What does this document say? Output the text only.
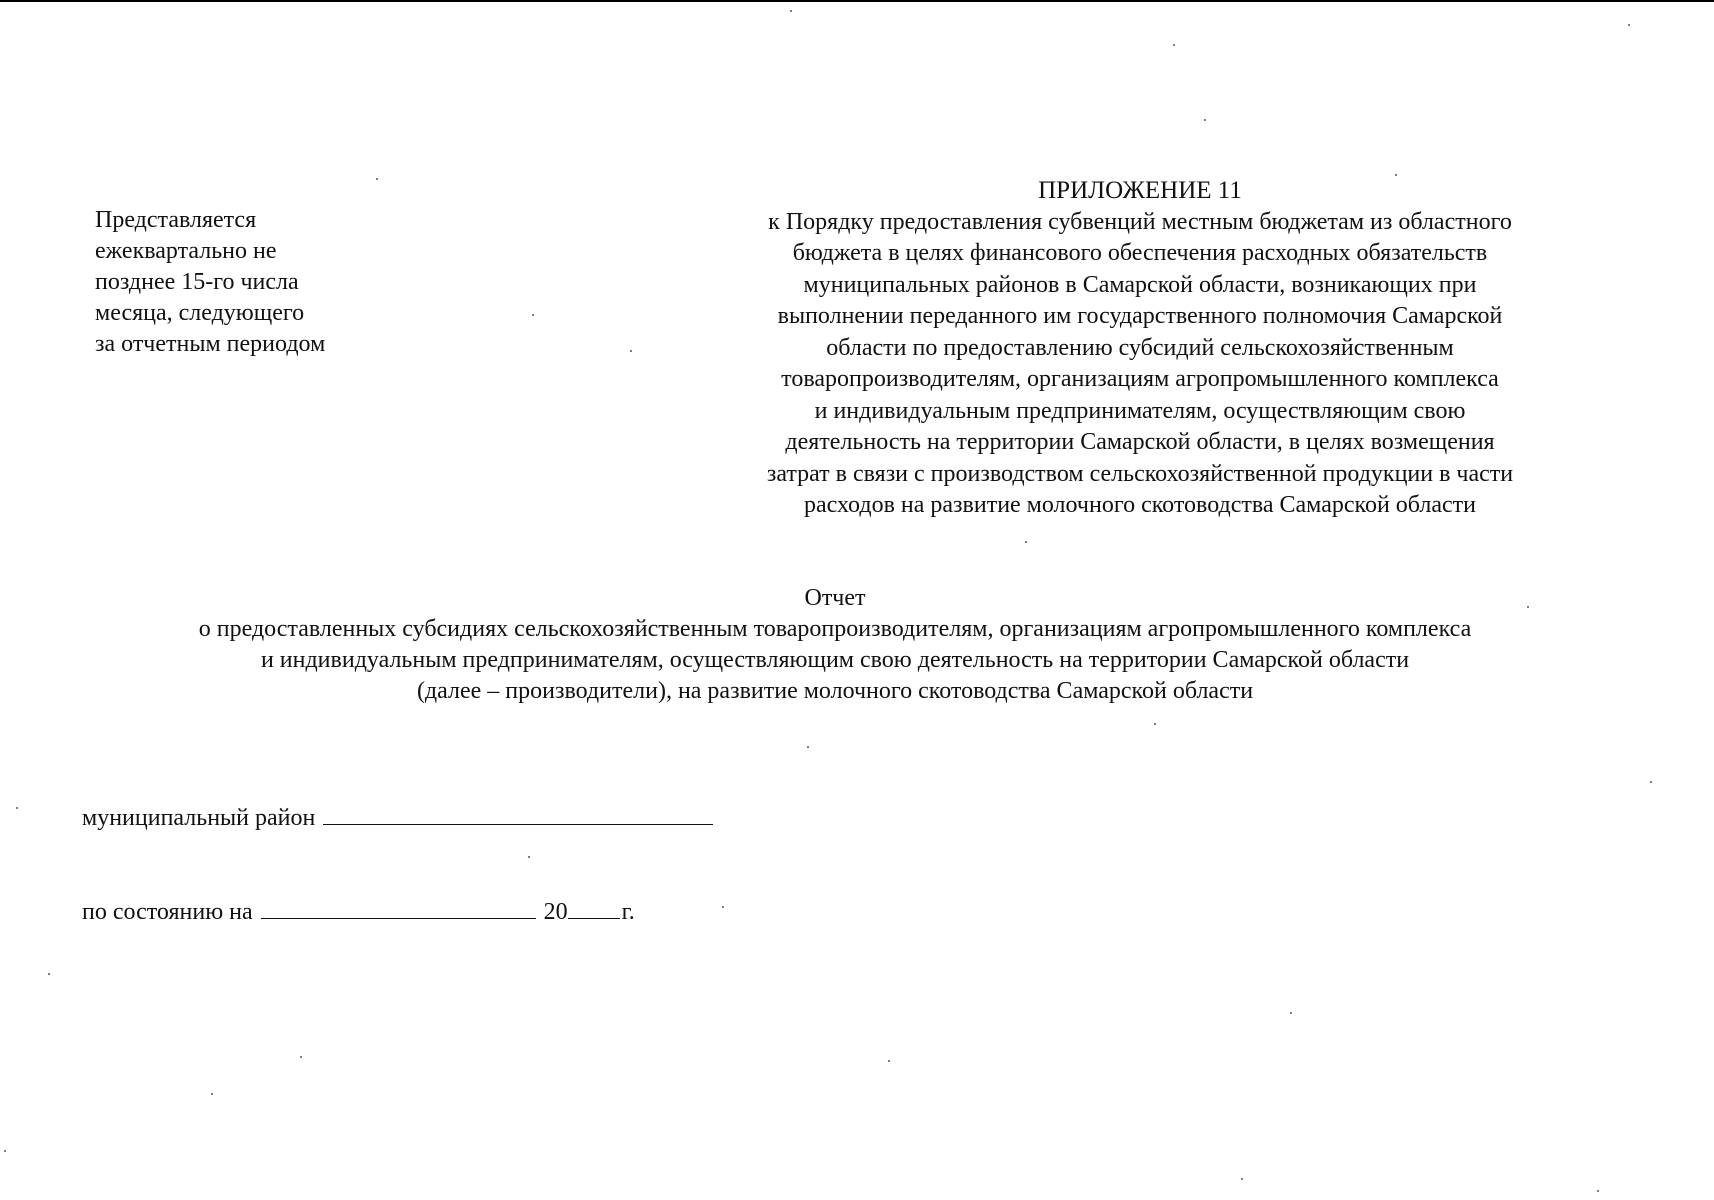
Представляется
ежеквартально не
позднее 15-го числа
месяца, следующего
за отчетным периодом
ПРИЛОЖЕНИЕ 11
к Порядку предоставления субвенций местным бюджетам из областного
бюджета в целях финансового обеспечения расходных обязательств
муниципальных районов в Самарской области, возникающих при
выполнении переданного им государственного полномочия Самарской
области по предоставлению субсидий сельскохозяйственным
товаропроизводителям, организациям агропромышленного комплекса
и индивидуальным предпринимателям, осуществляющим свою
деятельность на территории Самарской области, в целях возмещения
затрат в связи с производством сельскохозяйственной продукции в части
расходов на развитие молочного скотоводства Самарской области
Отчет
о предоставленных субсидиях сельскохозяйственным товаропроизводителям, организациям агропромышленного комплекса
и индивидуальным предпринимателям, осуществляющим свою деятельность на территории Самарской области
(далее – производители), на развитие молочного скотоводства Самарской области
муниципальный район
по состоянию на	20 г.
